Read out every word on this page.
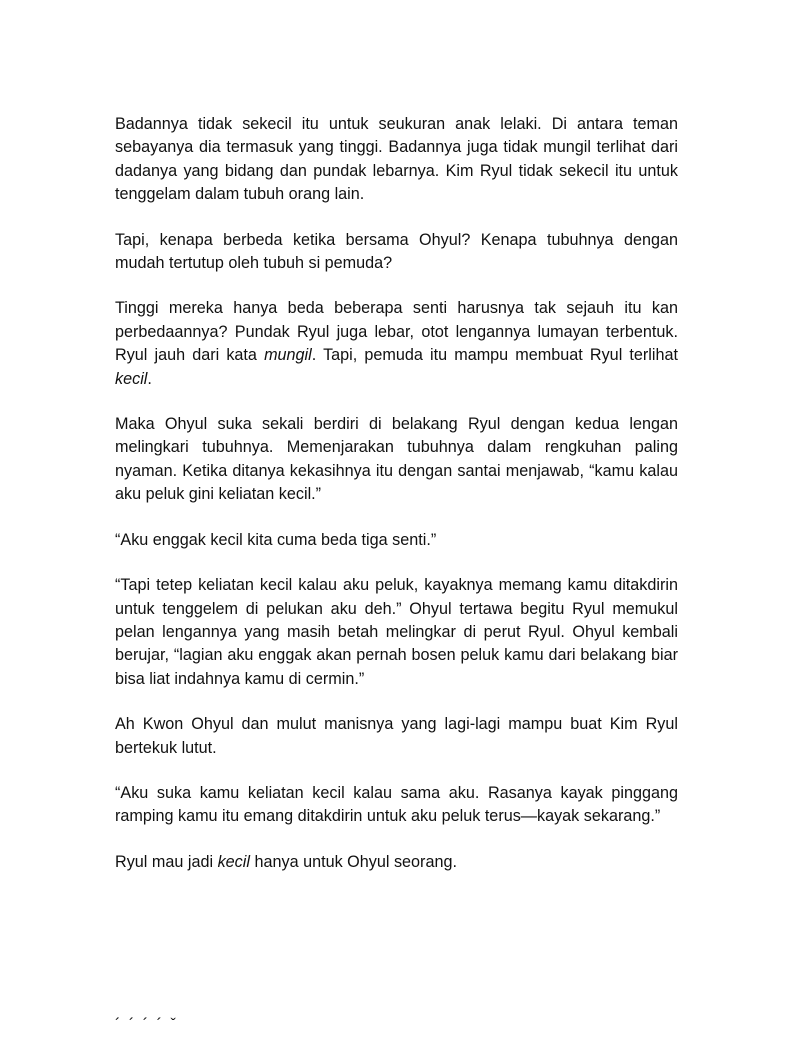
Badannya tidak sekecil itu untuk seukuran anak lelaki. Di antara teman sebayanya dia termasuk yang tinggi. Badannya juga tidak mungil terlihat dari dadanya yang bidang dan pundak lebarnya. Kim Ryul tidak sekecil itu untuk tenggelam dalam tubuh orang lain.

Tapi, kenapa berbeda ketika bersama Ohyul? Kenapa tubuhnya dengan mudah tertutup oleh tubuh si pemuda?

Tinggi mereka hanya beda beberapa senti harusnya tak sejauh itu kan perbedaannya? Pundak Ryul juga lebar, otot lengannya lumayan terbentuk. Ryul jauh dari kata mungil. Tapi, pemuda itu mampu membuat Ryul terlihat kecil.

Maka Ohyul suka sekali berdiri di belakang Ryul dengan kedua lengan melingkari tubuhnya. Memenjarakan tubuhnya dalam rengkuhan paling nyaman. Ketika ditanya kekasihnya itu dengan santai menjawab, “kamu kalau aku peluk gini keliatan kecil.”

“Aku enggak kecil kita cuma beda tiga senti.”

“Tapi tetep keliatan kecil kalau aku peluk, kayaknya memang kamu ditakdirin untuk tenggelem di pelukan aku deh.” Ohyul tertawa begitu Ryul memukul pelan lengannya yang masih betah melingkar di perut Ryul. Ohyul kembali berujar, “lagian aku enggak akan pernah bosen peluk kamu dari belakang biar bisa liat indahnya kamu di cermin.”

Ah Kwon Ohyul dan mulut manisnya yang lagi-lagi mampu buat Kim Ryul bertekuk lutut.

“Aku suka kamu keliatan kecil kalau sama aku. Rasanya kayak pinggang ramping kamu itu emang ditakdirin untuk aku peluk terus—kayak sekarang.”

Ryul mau jadi kecil hanya untuk Ohyul seorang.

´ ´ ´ ´ ˇ
